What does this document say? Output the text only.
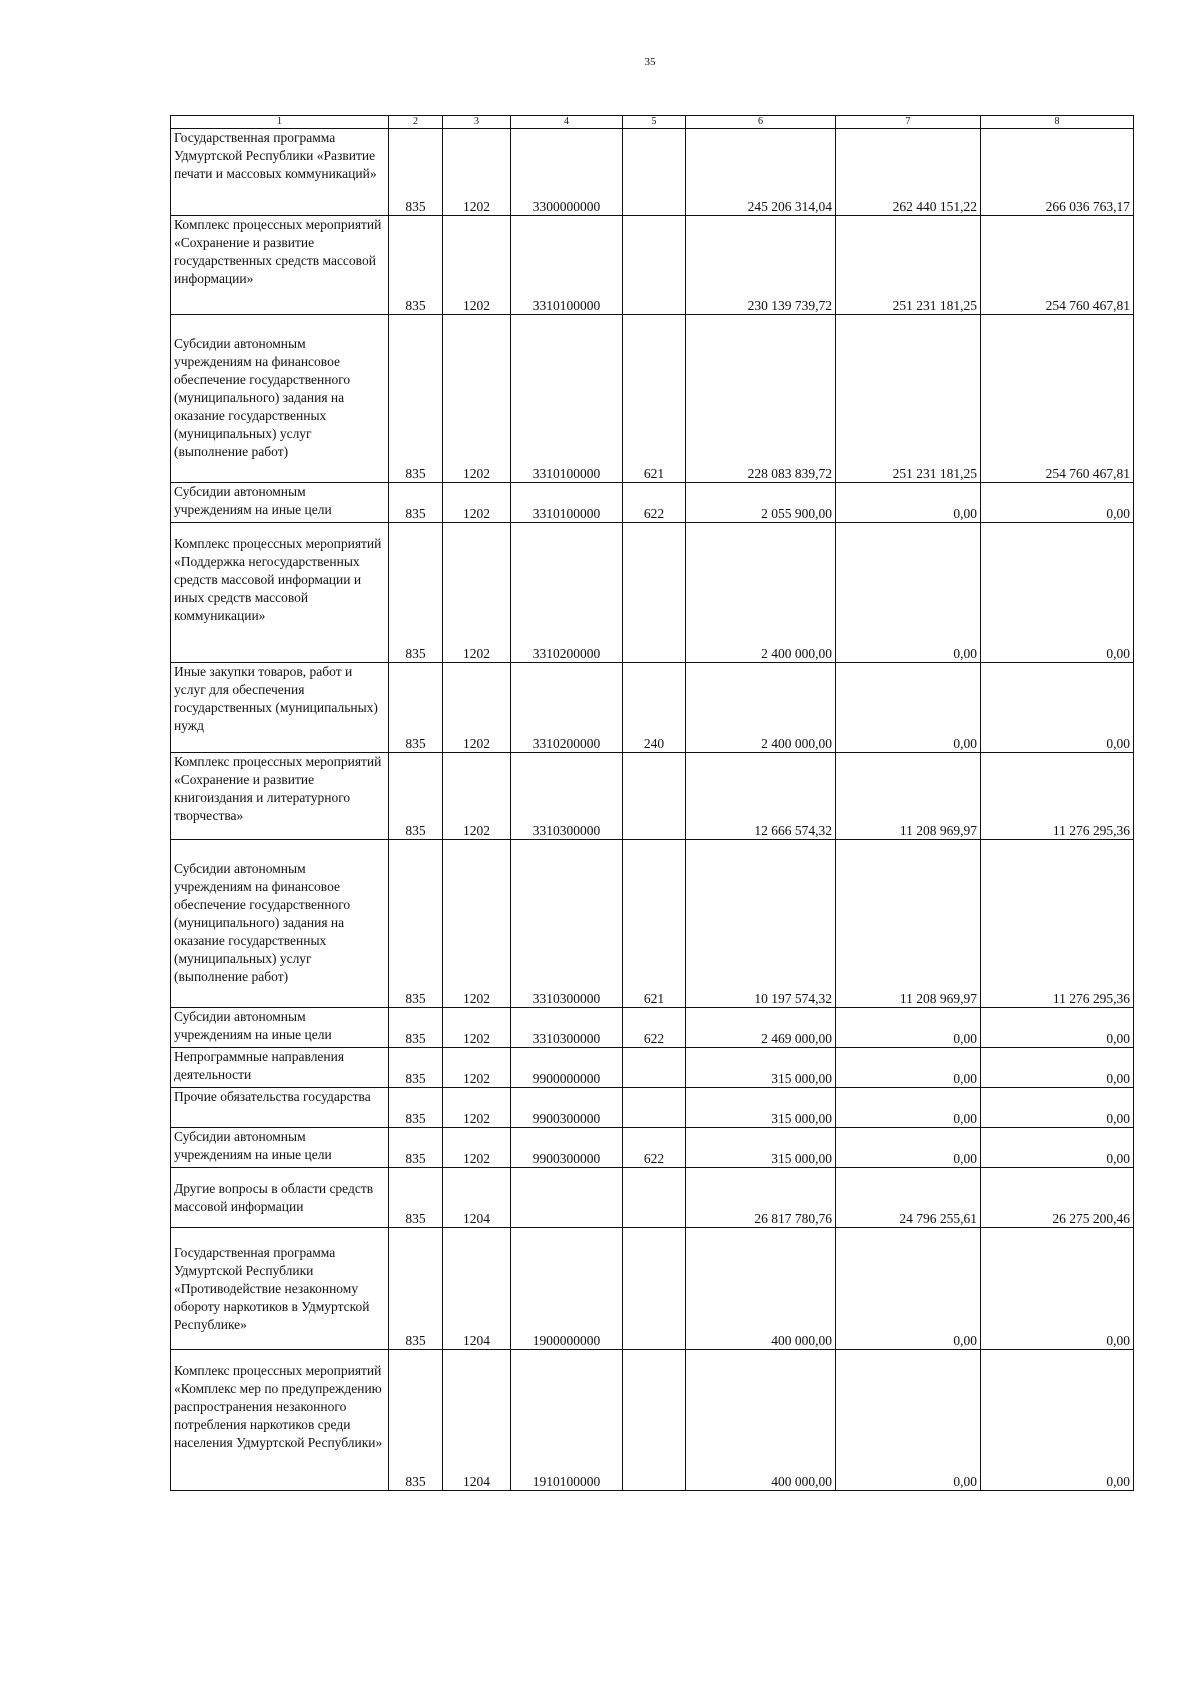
35
1	2	3	4	5	6	7	8
Государственная программа Удмуртской Республики «Развитие печати и массовых коммуникаций»	835	1202	3300000000		245 206 314,04	262 440 151,22	266 036 763,17
Комплекс процессных мероприятий «Сохранение и развитие государственных средств массовой информации»	835	1202	3310100000		230 139 739,72	251 231 181,25	254 760 467,81
Субсидии автономным учреждениям на финансовое обеспечение государственного (муниципального) задания на оказание государственных (муниципальных) услуг (выполнение работ)	835	1202	3310100000	621	228 083 839,72	251 231 181,25	254 760 467,81
Субсидии автономным учреждениям на иные цели	835	1202	3310100000	622	2 055 900,00	0,00	0,00
Комплекс процессных мероприятий «Поддержка негосударственных средств массовой информации и иных средств массовой коммуникации»	835	1202	3310200000		2 400 000,00	0,00	0,00
Иные закупки товаров, работ и услуг для обеспечения государственных (муниципальных) нужд	835	1202	3310200000	240	2 400 000,00	0,00	0,00
Комплекс процессных мероприятий «Сохранение и развитие книгоиздания и литературного творчества»	835	1202	3310300000		12 666 574,32	11 208 969,97	11 276 295,36
Субсидии автономным учреждениям на финансовое обеспечение государственного (муниципального) задания на оказание государственных (муниципальных) услуг (выполнение работ)	835	1202	3310300000	621	10 197 574,32	11 208 969,97	11 276 295,36
Субсидии автономным учреждениям на иные цели	835	1202	3310300000	622	2 469 000,00	0,00	0,00
Непрограммные направления деятельности	835	1202	9900000000		315 000,00	0,00	0,00
Прочие обязательства государства	835	1202	9900300000		315 000,00	0,00	0,00
Субсидии автономным учреждениям на иные цели	835	1202	9900300000	622	315 000,00	0,00	0,00
Другие вопросы в области средств массовой информации	835	1204			26 817 780,76	24 796 255,61	26 275 200,46
Государственная программа Удмуртской Республики «Противодействие незаконному обороту наркотиков в Удмуртской Республике»	835	1204	1900000000		400 000,00	0,00	0,00
Комплекс процессных мероприятий «Комплекс мер по предупреждению распространения незаконного потребления наркотиков среди населения Удмуртской Республики»	835	1204	1910100000		400 000,00	0,00	0,00
